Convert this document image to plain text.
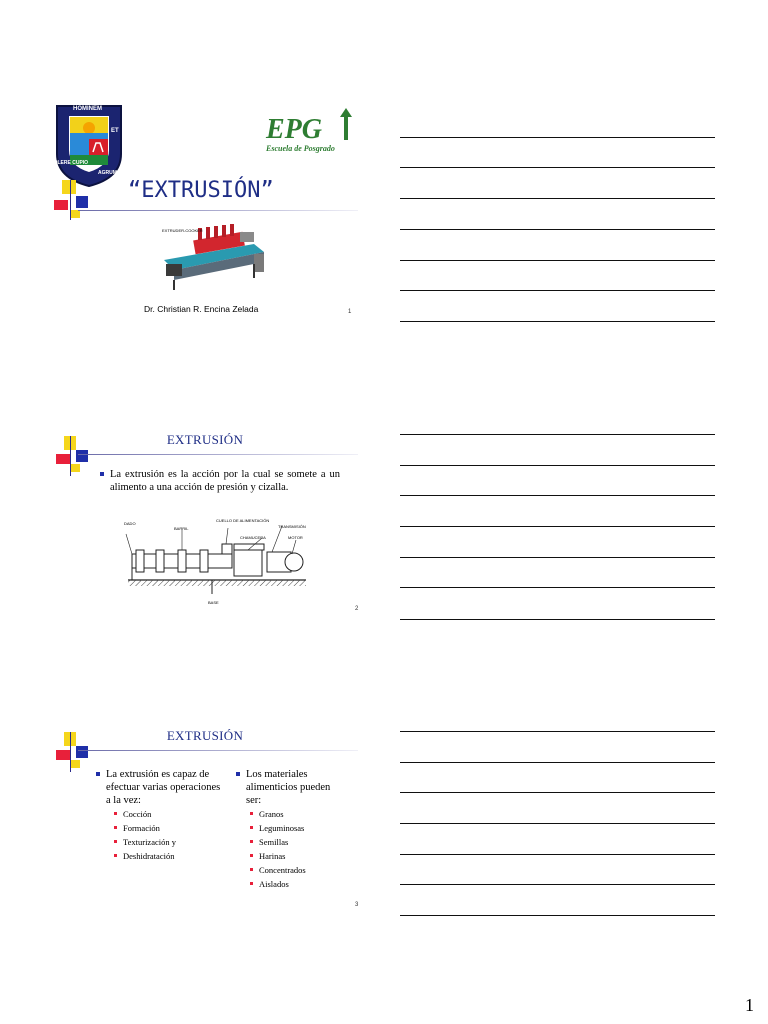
HOMINEM
ET
AGRUM
COLERE CUPIO
EPG
Escuela de Posgrado
“EXTRUSIÓN”
EXTRUDER-COOKER
Dr. Christian R. Encina Zelada	1
EXTRUSIÓN
La extrusión es la acción por la cual se somete a un alimento a una acción de presión y cizalla.
DADO
BARRIL
CUELLO DE ALIMENTACIÓN
TRANSMISIÓN
CHAMUCERA	MOTOR
BASE
2
EXTRUSIÓN
La extrusión es capaz de efectuar varias operaciones a la vez:
Cocción
Formación
Texturización y
Deshidratación
Los materiales alimenticios pueden ser:
Granos
Leguminosas
Semillas
Harinas
Concentrados
Aislados
3
1
